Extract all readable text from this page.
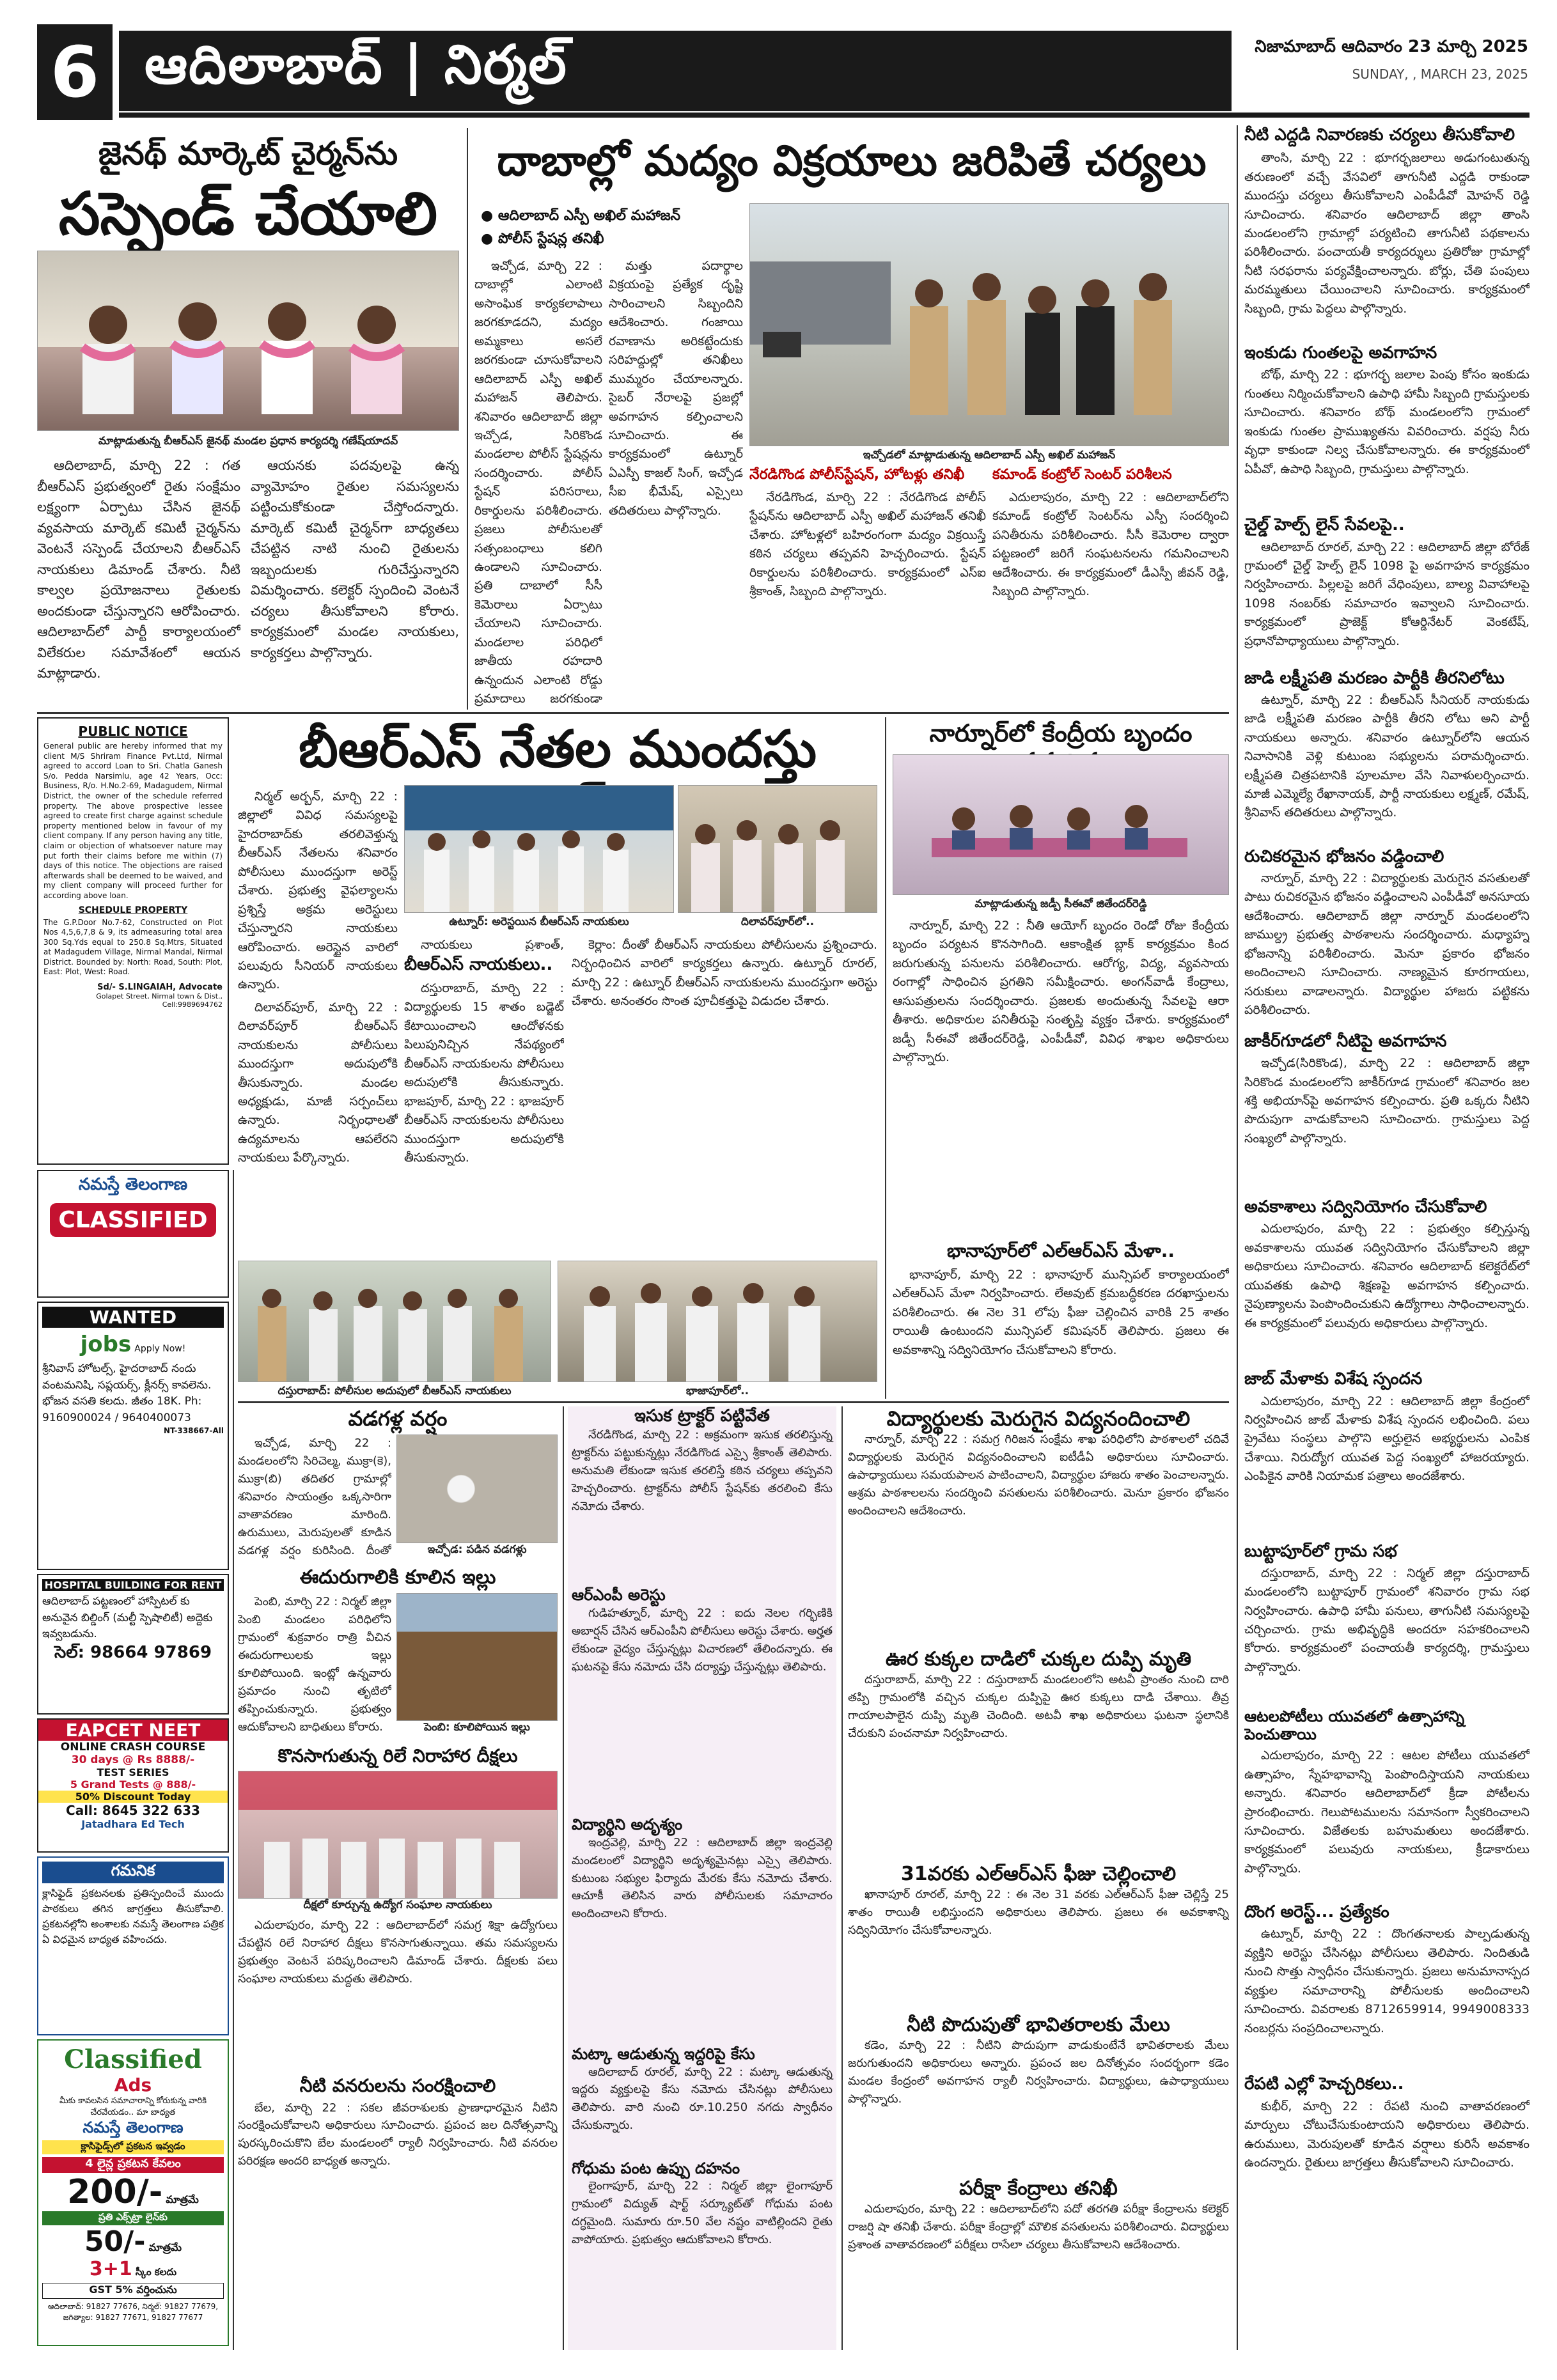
6 ఆదిలాబాద్ | నిర్మల్	నిజామాబాద్ ఆదివారం 23 మార్చి 2025
SUNDAY, , MARCH 23, 2025
జైనథ్ మార్కెట్ చైర్మన్‌ను
సస్పెండ్ చేయాలి
మాట్లాడుతున్న బీఆర్ఎస్ జైనథ్ మండల ప్రధాన కార్యదర్శి గణేష్‌యాదవ్

ఆదిలాబాద్, మార్చి 22 : గత బీఆర్ఎస్ ప్రభుత్వంలో రైతు సంక్షేమం లక్ష్యంగా ఏర్పాటు చేసిన జైనథ్ వ్యవసాయ మార్కెట్ కమిటీ చైర్మన్‌ను వెంటనే సస్పెండ్ చేయాలని బీఆర్ఎస్ నాయకులు డిమాండ్ చేశారు. నీటి కాల్వల ప్రయోజనాలు రైతులకు అందకుండా చేస్తున్నారని ఆరోపించారు. ఆదిలాబాద్‌లో పార్టీ కార్యాలయంలో విలేకరుల సమావేశంలో ఆయన మాట్లాడారు.

ఆయనకు పదవులపై ఉన్న వ్యామోహం రైతుల సమస్యలను పట్టించుకోకుండా చేస్తోందన్నారు. మార్కెట్ కమిటీ చైర్మన్‌గా బాధ్యతలు చేపట్టిన నాటి నుంచి రైతులను ఇబ్బందులకు గురిచేస్తున్నారని విమర్శించారు. కలెక్టర్ స్పందించి వెంటనే చర్యలు తీసుకోవాలని కోరారు. కార్యక్రమంలో మండల నాయకులు, కార్యకర్తలు పాల్గొన్నారు.

దాబాల్లో మద్యం విక్రయాలు జరిపితే చర్యలు
● ఆదిలాబాద్ ఎస్పీ అఖిల్ మహాజన్
● పోలీస్ స్టేషన్ల తనిఖీ

ఇచ్చోడ, మార్చి 22 : దాబాల్లో ఎలాంటి అసాంఘిక కార్యకలాపాలు జరగకూడదని, మద్యం అమ్మకాలు అసలే జరగకుండా చూసుకోవాలని ఆదిలాబాద్ ఎస్పీ అఖిల్ మహాజన్ తెలిపారు. శనివారం ఆదిలాబాద్ జిల్లా ఇచ్చోడ, సిరికొండ మండలాల పోలీస్ స్టేషన్లను సందర్శించారు. పోలీస్ స్టేషన్ పరిసరాలు, రికార్డులను పరిశీలించారు. ప్రజలు పోలీసులతో సత్సంబంధాలు కలిగి ఉండాలని సూచించారు. ప్రతి దాబాలో సీసీ కెమెరాలు ఏర్పాటు చేయాలని సూచించారు. మండలాల పరిధిలో జాతీయ రహదారి ఉన్నందున ఎలాంటి రోడ్డు ప్రమాదాలు జరగకుండా

మత్తు పదార్థాల విక్రయంపై ప్రత్యేక దృష్టి సారించాలని సిబ్బందిని ఆదేశించారు. గంజాయి రవాణాను అరికట్టేందుకు సరిహద్దుల్లో తనిఖీలు ముమ్మరం చేయాలన్నారు. సైబర్ నేరాలపై ప్రజల్లో అవగాహన కల్పించాలని సూచించారు. ఈ కార్యక్రమంలో ఉట్నూర్ ఏఎస్పీ కాజల్ సింగ్, ఇచ్చోడ సీఐ భీమేష్, ఎస్సైలు తదితరులు పాల్గొన్నారు.

ఇచ్చోడలో మాట్లాడుతున్న ఆదిలాబాద్ ఎస్పీ అఖిల్ మహాజన్
నేరడిగొండ పోలీస్‌స్టేషన్, హోటళ్లు తనిఖీ

నేరడిగొండ, మార్చి 22 : నేరడిగొండ పోలీస్ స్టేషన్‌ను ఆదిలాబాద్ ఎస్పీ అఖిల్ మహాజన్ తనిఖీ చేశారు. హోటళ్లలో బహిరంగంగా మద్యం విక్రయిస్తే కఠిన చర్యలు తప్పవని హెచ్చరించారు. స్టేషన్ రికార్డులను పరిశీలించారు. కార్యక్రమంలో ఎస్ఐ శ్రీకాంత్, సిబ్బంది పాల్గొన్నారు.

కమాండ్ కంట్రోల్ సెంటర్ పరిశీలన

ఎదులాపురం, మార్చి 22 : ఆదిలాబాద్‌లోని కమాండ్ కంట్రోల్ సెంటర్‌ను ఎస్పీ సందర్శించి పనితీరును పరిశీలించారు. సీసీ కెమెరాల ద్వారా పట్టణంలో జరిగే సంఘటనలను గమనించాలని ఆదేశించారు. ఈ కార్యక్రమంలో డీఎస్పీ జీవన్ రెడ్డి, సిబ్బంది పాల్గొన్నారు.

నీటి ఎద్దడి నివారణకు చర్యలు తీసుకోవాలి

తాంసి, మార్చి 22 : భూగర్భజలాలు అడుగంటుతున్న తరుణంలో వచ్చే వేసవిలో తాగునీటి ఎద్దడి రాకుండా ముందస్తు చర్యలు తీసుకోవాలని ఎంపీడీవో మోహన్ రెడ్డి సూచించారు. శనివారం ఆదిలాబాద్ జిల్లా తాంసి మండలంలోని గ్రామాల్లో పర్యటించి తాగునీటి పథకాలను పరిశీలించారు. పంచాయతీ కార్యదర్శులు ప్రతిరోజు గ్రామాల్లో నీటి సరఫరాను పర్యవేక్షించాలన్నారు. బోర్లు, చేతి పంపులు మరమ్మతులు చేయించాలని సూచించారు. కార్యక్రమంలో సిబ్బంది, గ్రామ పెద్దలు పాల్గొన్నారు.

ఇంకుడు గుంతలపై అవగాహన

బోథ్, మార్చి 22 : భూగర్భ జలాల పెంపు కోసం ఇంకుడు గుంతలు నిర్మించుకోవాలని ఉపాధి హామీ సిబ్బంది గ్రామస్తులకు సూచించారు. శనివారం బోథ్ మండలంలోని గ్రామంలో ఇంకుడు గుంతల ప్రాముఖ్యతను వివరించారు. వర్షపు నీరు వృధా కాకుండా నిల్వ చేసుకోవాలన్నారు. ఈ కార్యక్రమంలో ఏపీవో, ఉపాధి సిబ్బంది, గ్రామస్తులు పాల్గొన్నారు.

చైల్డ్ హెల్ప్ లైన్ సేవలపై..

ఆదిలాబాద్ రూరల్, మార్చి 22 : ఆదిలాబాద్ జిల్లా బోరేజ్ గ్రామంలో చైల్డ్ హెల్ప్ లైన్ 1098 పై అవగాహన కార్యక్రమం నిర్వహించారు. పిల్లలపై జరిగే వేధింపులు, బాల్య వివాహాలపై 1098 నంబర్‌కు సమాచారం ఇవ్వాలని సూచించారు. కార్యక్రమంలో ప్రాజెక్ట్ కోఆర్డినేటర్ వెంకటేష్, ప్రధానోపాధ్యాయులు పాల్గొన్నారు.

జాడి లక్ష్మీపతి మరణం పార్టీకి తీరనిలోటు

ఉట్నూర్, మార్చి 22 : బీఆర్ఎస్ సీనియర్ నాయకుడు జాడి లక్ష్మీపతి మరణం పార్టీకి తీరని లోటు అని పార్టీ నాయకులు అన్నారు. శనివారం ఉట్నూర్‌లోని ఆయన నివాసానికి వెళ్లి కుటుంబ సభ్యులను పరామర్శించారు. లక్ష్మీపతి చిత్రపటానికి పూలమాల వేసి నివాళులర్పించారు. మాజీ ఎమ్మెల్యే రేఖానాయక్, పార్టీ నాయకులు లక్ష్మణ్, రమేష్, శ్రీనివాస్ తదితరులు పాల్గొన్నారు.

రుచికరమైన భోజనం వడ్డించాలి

నార్నూర్, మార్చి 22 : విద్యార్థులకు మెరుగైన వసతులతో పాటు రుచికరమైన భోజనం వడ్డించాలని ఎంపీడీవో అనసూయ ఆదేశించారు. ఆదిలాబాద్ జిల్లా నార్నూర్ మండలంలోని జాముల్ద్ర ప్రభుత్వ పాఠశాలను సందర్శించారు. మధ్యాహ్న భోజనాన్ని పరిశీలించారు. మెనూ ప్రకారం భోజనం అందించాలని సూచించారు. నాణ్యమైన కూరగాయలు, సరుకులు వాడాలన్నారు. విద్యార్థుల హాజరు పట్టికను పరిశీలించారు.

జాకీర్‌గూడలో నీటిపై అవగాహన

ఇచ్చోడ(సిరికొండ), మార్చి 22 : ఆదిలాబాద్ జిల్లా సిరికొండ మండలంలోని జాకీర్‌గూడ గ్రామంలో శనివారం జల శక్తి అభియాన్‌పై అవగాహన కల్పించారు. ప్రతి ఒక్కరు నీటిని పొదుపుగా వాడుకోవాలని సూచించారు. గ్రామస్తులు పెద్ద సంఖ్యలో పాల్గొన్నారు.

అవకాశాలు సద్వినియోగం చేసుకోవాలి

ఎదులాపురం, మార్చి 22 : ప్రభుత్వం కల్పిస్తున్న అవకాశాలను యువత సద్వినియోగం చేసుకోవాలని జిల్లా అధికారులు సూచించారు. శనివారం ఆదిలాబాద్ కలెక్టరేట్‌లో యువతకు ఉపాధి శిక్షణపై అవగాహన కల్పించారు. నైపుణ్యాలను పెంపొందించుకుని ఉద్యోగాలు సాధించాలన్నారు. ఈ కార్యక్రమంలో పలువురు అధికారులు పాల్గొన్నారు.

జాబ్ మేళాకు విశేష స్పందన

ఎదులాపురం, మార్చి 22 : ఆదిలాబాద్ జిల్లా కేంద్రంలో నిర్వహించిన జాబ్ మేళాకు విశేష స్పందన లభించింది. పలు ప్రైవేటు సంస్థలు పాల్గొని అర్హులైన అభ్యర్థులను ఎంపిక చేశాయి. నిరుద్యోగ యువత పెద్ద సంఖ్యలో హాజరయ్యారు. ఎంపికైన వారికి నియామక పత్రాలు అందజేశారు.

బుట్టాపూర్‌లో గ్రామ సభ

దస్తురాబాద్, మార్చి 22 : నిర్మల్ జిల్లా దస్తురాబాద్ మండలంలోని బుట్టాపూర్ గ్రామంలో శనివారం గ్రామ సభ నిర్వహించారు. ఉపాధి హామీ పనులు, తాగునీటి సమస్యలపై చర్చించారు. గ్రామ అభివృద్ధికి అందరూ సహకరించాలని కోరారు. కార్యక్రమంలో పంచాయతీ కార్యదర్శి, గ్రామస్తులు పాల్గొన్నారు.

ఆటలపోటీలు యువతలో ఉత్సాహాన్ని పెంచుతాయి

ఎదులాపురం, మార్చి 22 : ఆటల పోటీలు యువతలో ఉత్సాహం, స్నేహభావాన్ని పెంపొందిస్తాయని నాయకులు అన్నారు. శనివారం ఆదిలాబాద్‌లో క్రీడా పోటీలను ప్రారంభించారు. గెలుపోటములను సమానంగా స్వీకరించాలని సూచించారు. విజేతలకు బహుమతులు అందజేశారు. కార్యక్రమంలో పలువురు నాయకులు, క్రీడాకారులు పాల్గొన్నారు.

దొంగ అరెస్ట్... ప్రత్యేకం

ఉట్నూర్, మార్చి 22 : దొంగతనాలకు పాల్పడుతున్న వ్యక్తిని అరెస్టు చేసినట్లు పోలీసులు తెలిపారు. నిందితుడి నుంచి సొత్తు స్వాధీనం చేసుకున్నారు. ప్రజలు అనుమానాస్పద వ్యక్తుల సమాచారాన్ని పోలీసులకు అందించాలని సూచించారు. వివరాలకు 8712659914, 9949008333 నంబర్లను సంప్రదించాలన్నారు.

రేపటి ఎల్లో హెచ్చరికలు..

కుభీర్, మార్చి 22 : రేపటి నుంచి వాతావరణంలో మార్పులు చోటుచేసుకుంటాయని అధికారులు తెలిపారు. ఉరుములు, మెరుపులతో కూడిన వర్షాలు కురిసే అవకాశం ఉందన్నారు. రైతులు జాగ్రత్తలు తీసుకోవాలని సూచించారు.

PUBLIC NOTICE
General public are hereby informed that my client M/S Shriram Finance Pvt.Ltd, Nirmal agreed to accord Loan to Sri. Chatla Ganesh S/o. Pedda Narsimlu, age 42 Years, Occ: Business, R/o. H.No.2-69, Madagudem, Nirmal District, the owner of the schedule referred property. The above prospective lessee agreed to create first charge against schedule property mentioned below in favour of my client company. If any person having any title, claim or objection of whatsoever nature may put forth their claims before me within (7) days of this notice. The objections are raised afterwards shall be deemed to be waived, and my client company will proceed further for according above loan.
SCHEDULE PROPERTY
The G.P.Door No.7-62, Constructed on Plot Nos 4,5,6,7,8 & 9, its admeasuring total area 300 Sq.Yds equal to 250.8 Sq.Mtrs, Situated at Madagudem Village, Nirmal Mandal, Nirmal District. Bounded by: North: Road, South: Plot, East: Plot, West: Road.
Sd/- S.LINGAIAH, Advocate
Golapet Street, Nirmal town & Dist., Cell:9989694762
బీఆర్ఎస్ నేతల ముందస్తు

నిర్మల్ అర్బన్, మార్చి 22 : జిల్లాలో వివిధ సమస్యలపై హైదరాబాద్‌కు తరలివెళ్తున్న బీఆర్ఎస్ నేతలను శనివారం పోలీసులు ముందస్తుగా అరెస్ట్ చేశారు. ప్రభుత్వ వైఫల్యాలను ప్రశ్నిస్తే అక్రమ అరెస్టులు చేస్తున్నారని నాయకులు ఆరోపించారు. అరెస్టైన వారిలో పలువురు సీనియర్ నాయకులు ఉన్నారు.

దిలావర్‌పూర్, మార్చి 22 : దిలావర్‌పూర్ బీఆర్ఎస్ నాయకులను పోలీసులు ముందస్తుగా అదుపులోకి తీసుకున్నారు. మండల అధ్యక్షుడు, మాజీ సర్పంచ్‌లు ఉన్నారు. నిర్బంధాలతో ఉద్యమాలను ఆపలేరని నాయకులు పేర్కొన్నారు.

ఉట్నూర్: అరెస్టయిన బీఆర్ఎస్ నాయకులు	దిలావర్‌పూర్‌లో..

నాయకులు ప్రశాంత్,

బీఆర్ఎస్ నాయకులు..

దస్తురాబాద్, మార్చి 22 : విద్యార్థులకు 15 శాతం బడ్జెట్ కేటాయించాలని ఆందోళనకు పిలుపునిచ్చిన నేపథ్యంలో బీఆర్ఎస్ నాయకులను పోలీసులు అదుపులోకి తీసుకున్నారు. భాజపూర్, మార్చి 22 : భాజపూర్ బీఆర్ఎస్ నాయకులను పోలీసులు ముందస్తుగా అదుపులోకి తీసుకున్నారు.

కెర్లాం: దీంతో బీఆర్ఎస్ నాయకులు పోలీసులను ప్రశ్నించారు. నిర్బంధించిన వారిలో కార్యకర్తలు ఉన్నారు. ఉట్నూర్ రూరల్, మార్చి 22 : ఉట్నూర్ బీఆర్ఎస్ నాయకులను ముందస్తుగా అరెస్టు చేశారు. అనంతరం సొంత పూచీకత్తుపై విడుదల చేశారు.

దస్తురాబాద్: పోలీసుల అదుపులో బీఆర్ఎస్ నాయకులు	భాజాపూర్‌లో..
నార్నూర్‌లో కేంద్రీయ బృందం
మాట్లాడుతున్న జడ్పీ సీఈవో జితేందర్‌రెడ్డి

నార్నూర్, మార్చి 22 : నీతి ఆయోగ్ బృందం రెండో రోజు కేంద్రీయ బృందం పర్యటన కొనసాగింది. ఆకాంక్షిత బ్లాక్ కార్యక్రమం కింద జరుగుతున్న పనులను పరిశీలించారు. ఆరోగ్య, విద్య, వ్యవసాయ రంగాల్లో సాధించిన ప్రగతిని సమీక్షించారు. అంగన్‌వాడీ కేంద్రాలు, ఆసుపత్రులను సందర్శించారు. ప్రజలకు అందుతున్న సేవలపై ఆరా తీశారు. అధికారుల పనితీరుపై సంతృప్తి వ్యక్తం చేశారు. కార్యక్రమంలో జడ్పీ సీఈవో జితేందర్‌రెడ్డి, ఎంపీడీవో, వివిధ శాఖల అధికారులు పాల్గొన్నారు.

భానాపూర్‌లో ఎల్ఆర్ఎస్ మేళా..

భానాపూర్, మార్చి 22 : భానాపూర్ మున్సిపల్ కార్యాలయంలో ఎల్ఆర్ఎస్ మేళా నిర్వహించారు. లేఅవుట్ క్రమబద్ధీకరణ దరఖాస్తులను పరిశీలించారు. ఈ నెల 31 లోపు ఫీజు చెల్లించిన వారికి 25 శాతం రాయితీ ఉంటుందని మున్సిపల్ కమిషనర్ తెలిపారు. ప్రజలు ఈ అవకాశాన్ని సద్వినియోగం చేసుకోవాలని కోరారు.

నమస్తే తెలంగాణ
CLASSIFIED
WANTED
jobs Apply Now!
శ్రీనివాస్ హోటల్స్, హైదరాబాద్ నందు వంటమనిషి, సప్లయర్స్, క్లీనర్స్ కావలెను. భోజన వసతి కలదు. జీతం 18K. Ph: 9160900024 / 9640400073
NT-338667-All
HOSPITAL BUILDING FOR RENT
ఆదిలాబాద్ పట్టణంలో హాస్పిటల్ కు అనువైన బిల్డింగ్ (మల్టీ స్పెషాలిటీ) అద్దెకు ఇవ్వబడును.
సెల్: 98664 97869
EAPCET NEET
ONLINE CRASH COURSE
30 days @ Rs 8888/-
TEST SERIES
5 Grand Tests @ 888/-
50% Discount Today
Call: 8645 322 633
Jatadhara Ed Tech
గమనిక
క్లాసిఫైడ్ ప్రకటనలకు ప్రతిస్పందించే ముందు పాఠకులు తగిన జాగ్రత్తలు తీసుకోవాలి. ప్రకటనల్లోని అంశాలకు నమస్తే తెలంగాణ పత్రిక ఏ విధమైన బాధ్యత వహించదు.
Classified
Ads
మీకు కావలసిన సమాచారాన్ని కోరుకున్న వారికి చేరవేయడం.. మా బాధ్యత
నమస్తే తెలంగాణ
క్లాసిఫైడ్స్‌లో ప్రకటన ఇవ్వడం
4 లైన్ల ప్రకటన కేవలం
200/- మాత్రమే
ప్రతి ఎక్స్‌ట్రా లైన్‌కు
50/- మాత్రమే
3+1 స్కీం కలదు
GST 5% వర్తించును
ఆదిలాబాద్: 91827 77676, నిర్మల్: 91827 77679, జగిత్యాల: 91827 77671, 91827 77677
వడగళ్ల వర్షం

ఇచ్చోడ, మార్చి 22 : మండలంలోని సిరిచెల్మ, ముక్రా(కె), ముక్రా(బి) తదితర గ్రామాల్లో శనివారం సాయంత్రం ఒక్కసారిగా వాతావరణం మారింది. ఉరుములు, మెరుపులతో కూడిన వడగళ్ల వర్షం కురిసింది. దీంతో	ఇచ్చోడ: పడిన వడగళ్లు
ఈదురుగాలికి కూలిన ఇల్లు

పెంబి, మార్చి 22 : నిర్మల్ జిల్లా పెంబి మండలం పరిధిలోని గ్రామంలో శుక్రవారం రాత్రి వీచిన ఈదురుగాలులకు ఇల్లు కూలిపోయింది. ఇంట్లో ఉన్నవారు ప్రమాదం నుంచి తృటిలో తప్పించుకున్నారు. ప్రభుత్వం ఆదుకోవాలని బాధితులు కోరారు.	పెంబి: కూలిపోయిన ఇల్లు
కొనసాగుతున్న రిలే నిరాహార దీక్షలు
దీక్షలో కూర్చున్న ఉద్యోగ సంఘాల నాయకులు

ఎదులాపురం, మార్చి 22 : ఆదిలాబాద్‌లో సమగ్ర శిక్షా ఉద్యోగులు చేపట్టిన రిలే నిరాహార దీక్షలు కొనసాగుతున్నాయి. తమ సమస్యలను ప్రభుత్వం వెంటనే పరిష్కరించాలని డిమాండ్ చేశారు. దీక్షలకు పలు సంఘాల నాయకులు మద్దతు తెలిపారు.

నీటి వనరులను సంరక్షించాలి

బేల, మార్చి 22 : సకల జీవరాశులకు ప్రాణాధారమైన నీటిని సంరక్షించుకోవాలని అధికారులు సూచించారు. ప్రపంచ జల దినోత్సవాన్ని పురస్కరించుకొని బేల మండలంలో ర్యాలీ నిర్వహించారు. నీటి వనరుల పరిరక్షణ అందరి బాధ్యత అన్నారు.

ఇసుక ట్రాక్టర్ పట్టివేత

నేరడిగొండ, మార్చి 22 : అక్రమంగా ఇసుక తరలిస్తున్న ట్రాక్టర్‌ను పట్టుకున్నట్లు నేరడిగొండ ఎస్సై శ్రీకాంత్ తెలిపారు. అనుమతి లేకుండా ఇసుక తరలిస్తే కఠిన చర్యలు తప్పవని హెచ్చరించారు. ట్రాక్టర్‌ను పోలీస్ స్టేషన్‌కు తరలించి కేసు నమోదు చేశారు.

ఆర్ఎంపీ అరెస్టు

గుడిహత్నూర్, మార్చి 22 : ఐదు నెలల గర్భిణికి అబార్షన్ చేసిన ఆర్ఎంపీని పోలీసులు అరెస్టు చేశారు. అర్హత లేకుండా వైద్యం చేస్తున్నట్లు విచారణలో తేలిందన్నారు. ఈ ఘటనపై కేసు నమోదు చేసి దర్యాప్తు చేస్తున్నట్లు తెలిపారు.

విద్యార్థిని అదృశ్యం

ఇంద్రవెల్లి, మార్చి 22 : ఆదిలాబాద్ జిల్లా ఇంద్రవెల్లి మండలంలో విద్యార్థిని అదృశ్యమైనట్లు ఎస్సై తెలిపారు. కుటుంబ సభ్యుల ఫిర్యాదు మేరకు కేసు నమోదు చేశారు. ఆచూకీ తెలిసిన వారు పోలీసులకు సమాచారం అందించాలని కోరారు.

మట్కా ఆడుతున్న ఇద్దరిపై కేసు

ఆదిలాబాద్ రూరల్, మార్చి 22 : మట్కా ఆడుతున్న ఇద్దరు వ్యక్తులపై కేసు నమోదు చేసినట్లు పోలీసులు తెలిపారు. వారి నుంచి రూ.10.250 నగదు స్వాధీనం చేసుకున్నారు.

గోధుమ పంట ఉప్పు దహనం

లైంగాపూర్, మార్చి 22 : నిర్మల్ జిల్లా లైంగాపూర్ గ్రామంలో విద్యుత్ షార్ట్ సర్క్యూట్‌తో గోధుమ పంట దగ్ధమైంది. సుమారు రూ.50 వేల నష్టం వాటిల్లిందని రైతు వాపోయారు. ప్రభుత్వం ఆదుకోవాలని కోరారు.

విద్యార్థులకు మెరుగైన విద్యనందించాలి

నార్నూర్, మార్చి 22 : సమగ్ర గిరిజన సంక్షేమ శాఖ పరిధిలోని పాఠశాలలో చదివే విద్యార్థులకు మెరుగైన విద్యనందించాలని ఐటీడీఏ అధికారులు సూచించారు. ఉపాధ్యాయులు సమయపాలన పాటించాలని, విద్యార్థుల హాజరు శాతం పెంచాలన్నారు. ఆశ్రమ పాఠశాలలను సందర్శించి వసతులను పరిశీలించారు. మెనూ ప్రకారం భోజనం అందించాలని ఆదేశించారు.

ఊర కుక్కల దాడిలో చుక్కల దుప్పి మృతి

దస్తురాబాద్, మార్చి 22 : దస్తురాబాద్ మండలంలోని అటవీ ప్రాంతం నుంచి దారి తప్పి గ్రామంలోకి వచ్చిన చుక్కల దుప్పిపై ఊర కుక్కలు దాడి చేశాయి. తీవ్ర గాయాలపాలైన దుప్పి మృతి చెందింది. అటవీ శాఖ అధికారులు ఘటనా స్థలానికి చేరుకుని పంచనామా నిర్వహించారు.

31వరకు ఎల్ఆర్ఎస్ ఫీజు చెల్లించాలి

ఖానాపూర్ రూరల్, మార్చి 22 : ఈ నెల 31 వరకు ఎల్ఆర్ఎస్ ఫీజు చెల్లిస్తే 25 శాతం రాయితీ లభిస్తుందని అధికారులు తెలిపారు. ప్రజలు ఈ అవకాశాన్ని సద్వినియోగం చేసుకోవాలన్నారు.

నీటి పొదుపుతో భావితరాలకు మేలు

కడెం, మార్చి 22 : నీటిని పొదుపుగా వాడుకుంటేనే భావితరాలకు మేలు జరుగుతుందని అధికారులు అన్నారు. ప్రపంచ జల దినోత్సవం సందర్భంగా కడెం మండల కేంద్రంలో అవగాహన ర్యాలీ నిర్వహించారు. విద్యార్థులు, ఉపాధ్యాయులు పాల్గొన్నారు.

పరీక్షా కేంద్రాలు తనిఖీ

ఎదులాపురం, మార్చి 22 : ఆదిలాబాద్‌లోని పదో తరగతి పరీక్షా కేంద్రాలను కలెక్టర్ రాజర్షి షా తనిఖీ చేశారు. పరీక్షా కేంద్రాల్లో మౌలిక వసతులను పరిశీలించారు. విద్యార్థులు ప్రశాంత వాతావరణంలో పరీక్షలు రాసేలా చర్యలు తీసుకోవాలని ఆదేశించారు.
